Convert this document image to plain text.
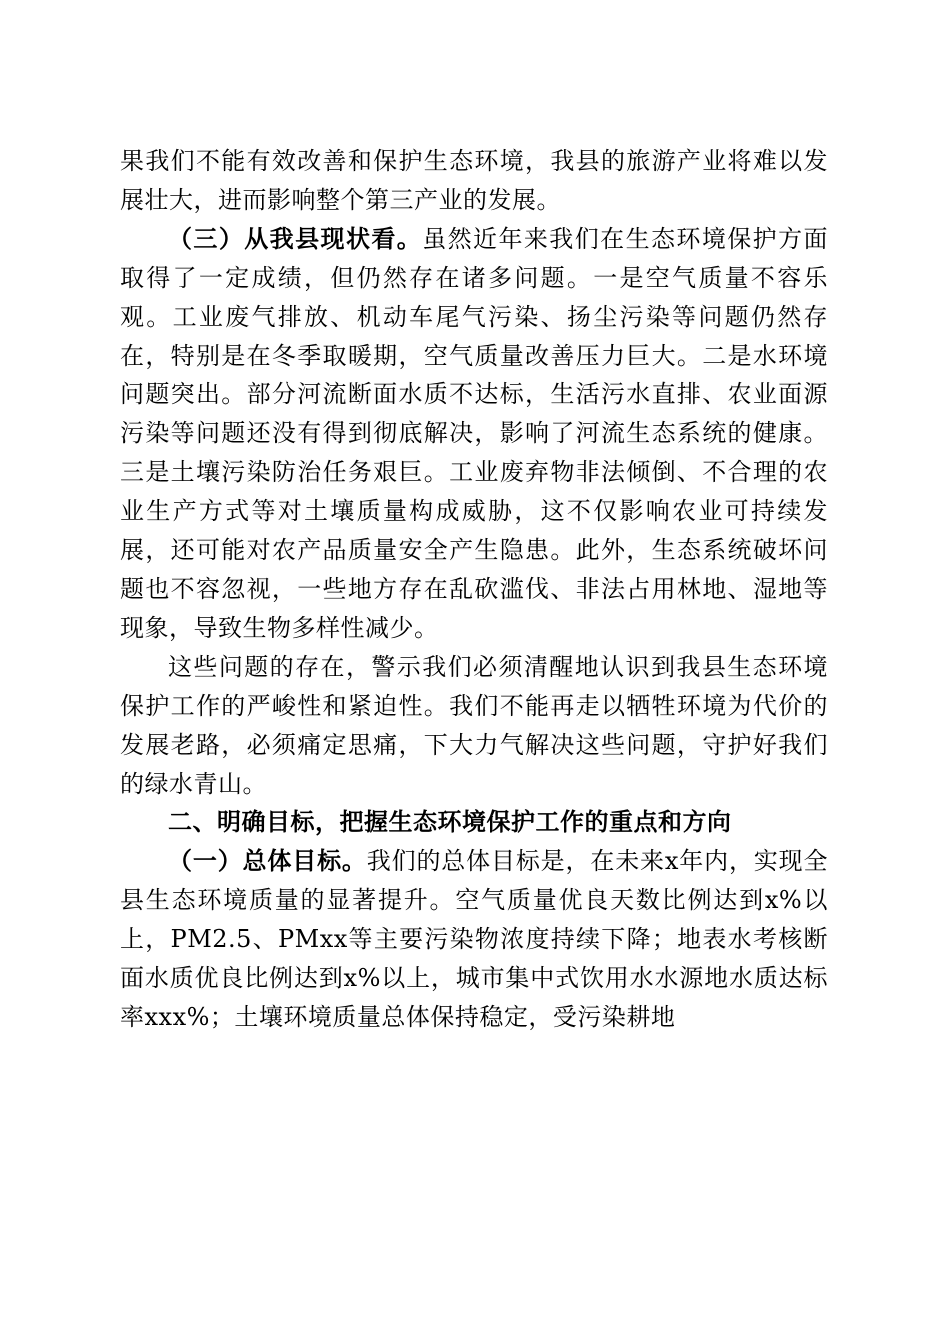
果我们不能有效改善和保护生态环境，我县的旅游产业将难以发展壮大，进而影响整个第三产业的发展。

（三）从我县现状看。虽然近年来我们在生态环境保护方面取得了一定成绩，但仍然存在诸多问题。一是空气质量不容乐观。工业废气排放、机动车尾气污染、扬尘污染等问题仍然存在，特别是在冬季取暖期，空气质量改善压力巨大。二是水环境问题突出。部分河流断面水质不达标，生活污水直排、农业面源污染等问题还没有得到彻底解决，影响了河流生态系统的健康。三是土壤污染防治任务艰巨。工业废弃物非法倾倒、不合理的农业生产方式等对土壤质量构成威胁，这不仅影响农业可持续发展，还可能对农产品质量安全产生隐患。此外，生态系统破坏问题也不容忽视，一些地方存在乱砍滥伐、非法占用林地、湿地等现象，导致生物多样性减少。

这些问题的存在，警示我们必须清醒地认识到我县生态环境保护工作的严峻性和紧迫性。我们不能再走以牺牲环境为代价的发展老路，必须痛定思痛，下大力气解决这些问题，守护好我们的绿水青山。

二、明确目标，把握生态环境保护工作的重点和方向

（一）总体目标。我们的总体目标是，在未来x年内，实现全县生态环境质量的显著提升。空气质量优良天数比例达到x%以上，PM2.5、PMxx等主要污染物浓度持续下降；地表水考核断面水质优良比例达到x%以上，城市集中式饮用水水源地水质达标率xxx%；土壤环境质量总体保持稳定，受污染耕地
